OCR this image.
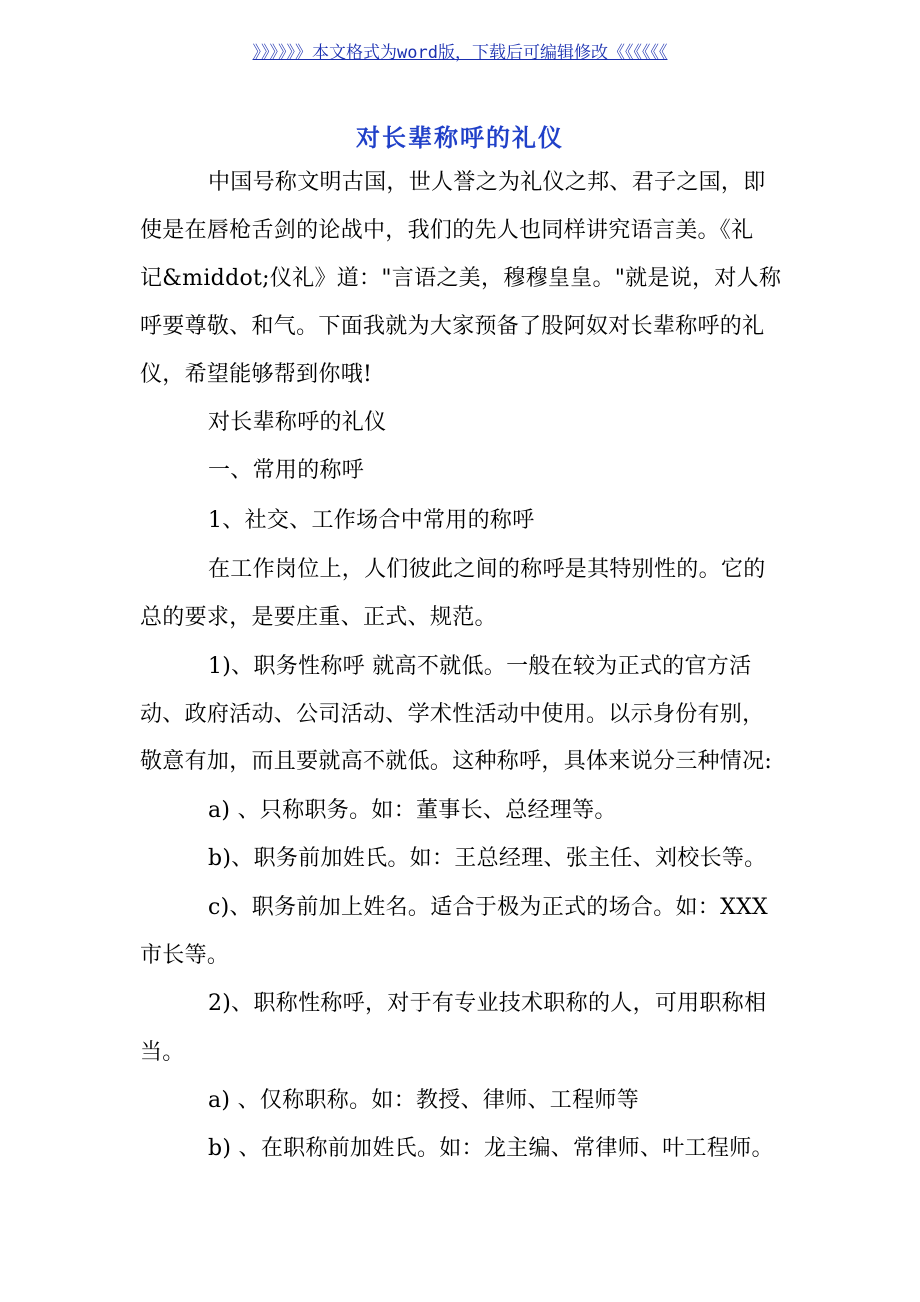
》》》》》》本文格式为word版，下载后可编辑修改《《《《《《
对长辈称呼的礼仪
中国号称文明古国，世人誉之为礼仪之邦、君子之国，即
使是在唇枪舌剑的论战中，我们的先人也同样讲究语言美。《礼
记&middot;仪礼》道："言语之美，穆穆皇皇。"就是说，对人称
呼要尊敬、和气。下面我就为大家预备了股阿奴对长辈称呼的礼
仪，希望能够帮到你哦!
对长辈称呼的礼仪
一、常用的称呼
1、社交、工作场合中常用的称呼
在工作岗位上，人们彼此之间的称呼是其特别性的。它的
总的要求，是要庄重、正式、规范。
1)、职务性称呼 就高不就低。一般在较为正式的官方活
动、政府活动、公司活动、学术性活动中使用。以示身份有别，
敬意有加，而且要就高不就低。这种称呼，具体来说分三种情况:
a) 、只称职务。如：董事长、总经理等。
b)、职务前加姓氏。如：王总经理、张主任、刘校长等。
c)、职务前加上姓名。适合于极为正式的场合。如：XXX
市长等。
2)、职称性称呼，对于有专业技术职称的人，可用职称相
当。
a) 、仅称职称。如：教授、律师、工程师等
b) 、在职称前加姓氏。如：龙主编、常律师、叶工程师。
